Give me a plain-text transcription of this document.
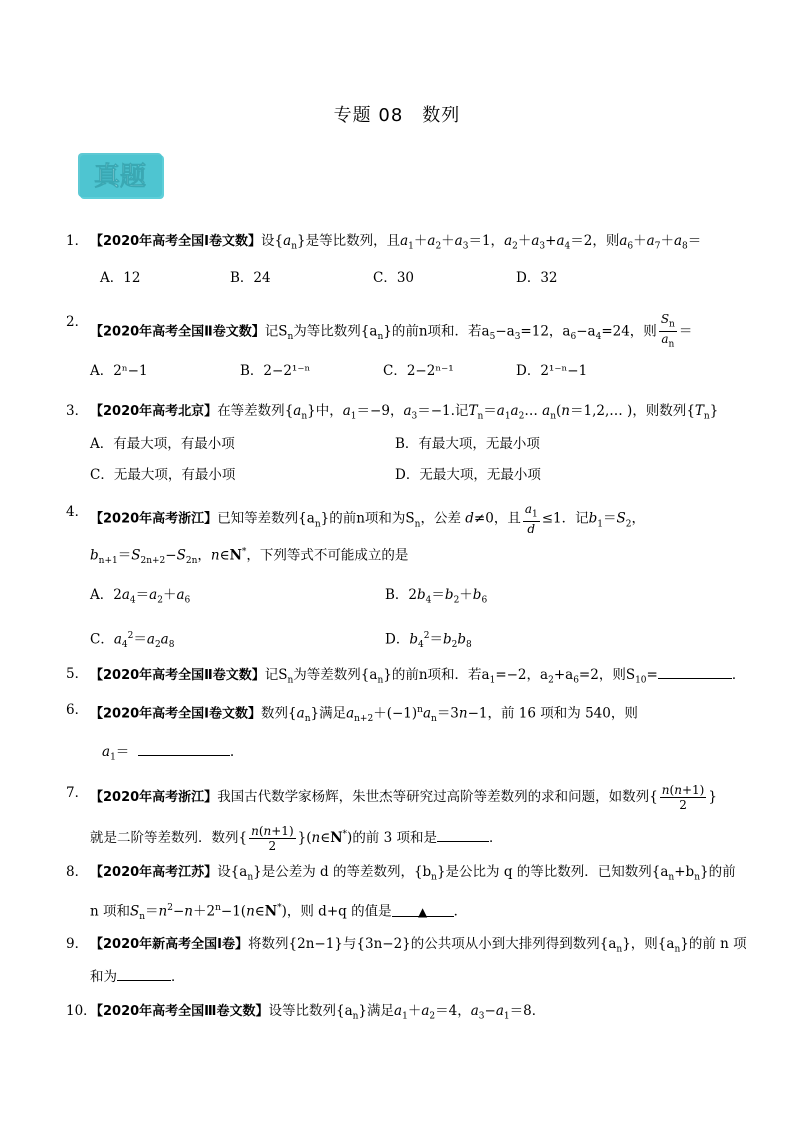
专题 08　数列
真题
1． 【2020年高考全国Ⅰ卷文数】设$\{a_n\}$是等比数列，且$a_1+a_2+a_3=1$，$a_2+a_3+a_4=2$，则$a_6+a_7+a_8=$
A．12	B．24	C．30	D．32
2．
【2020年高考全国Ⅱ卷文数】记$S_n$为等比数列$\{a_n\}$的前n项和．若$a_5-a_3=12$，$a_6-a_4=24$，则 $\frac{S_n}{a_n}$ ＝
A．2ⁿ−1	B．2−2¹⁻ⁿ	C．2−2ⁿ⁻¹	D．2¹⁻ⁿ−1
3． 【2020年高考北京】在等差数列$\{a_n\}$中，$a_1=-9$，$a_3=-1$.记$T_n=a_1a_2\dots$ $a_n(n=1,2,\dots$ )，则数列$\{T_n\}$
A．有最大项，有最小项	B．有最大项，无最小项
C．无最大项，有最小项	D．无最大项，无最小项
4． 【2020年高考浙江】已知等差数列$\{a_n\}$的前n项和为$S_n$，公差 d≠0，且 $\frac{a_1}{d} \le 1$．记$b_1=S_2$，
$b_{n+1}=S_{2n+2}-S_{2n}$，n∈N*，下列等式不可能成立的是
A．$2a_4=a_2+a_6$	B．$2b_4=b_2+b_6$
C．$a_4^2=a_2a_8$	D．$b_4^2=b_2b_8$
5． 【2020年高考全国Ⅱ卷文数】记$S_n$为等差数列$\{a_n\}$的前n项和．若$a_1=-2$，$a_2+a_6=2$，则$S_{10}=$	．
6． 【2020年高考全国Ⅰ卷文数】数列$\{a_n\}$满足$a_{n+2}+(-1)^na_n=3n-1$，前 16 项和为 540，则
$a_1=$	.
7． 【2020年高考浙江】我国古代数学家杨辉，朱世杰等研究过高阶等差数列的求和问题，如数列{ $\frac{n(n+1)}{2}$ }
就是二阶等差数列．数列{ $\frac{n(n+1)}{2}$ }(n∈N*)的前 3 项和是	．
8． 【2020年高考江苏】设$\{a_n\}$是公差为 d 的等差数列，$\{b_n\}$是公比为 q 的等比数列．已知数列$\{a_n+b_n\}$的前
n 项和$S_n=n^2-n+2^n-1(n\in N^*)$，则 d+q 的值是 ▲ ．
9． 【2020年新高考全国Ⅰ卷】将数列{2n−1}与{3n−2}的公共项从小到大排列得到数列$\{a_n\}$，则$\{a_n\}$的前 n 项
和为	．
10．
【2020年高考全国Ⅲ卷文数】设等比数列$\{a_n\}$满足$a_1+a_2=4$，$a_3-a_1=8$．
